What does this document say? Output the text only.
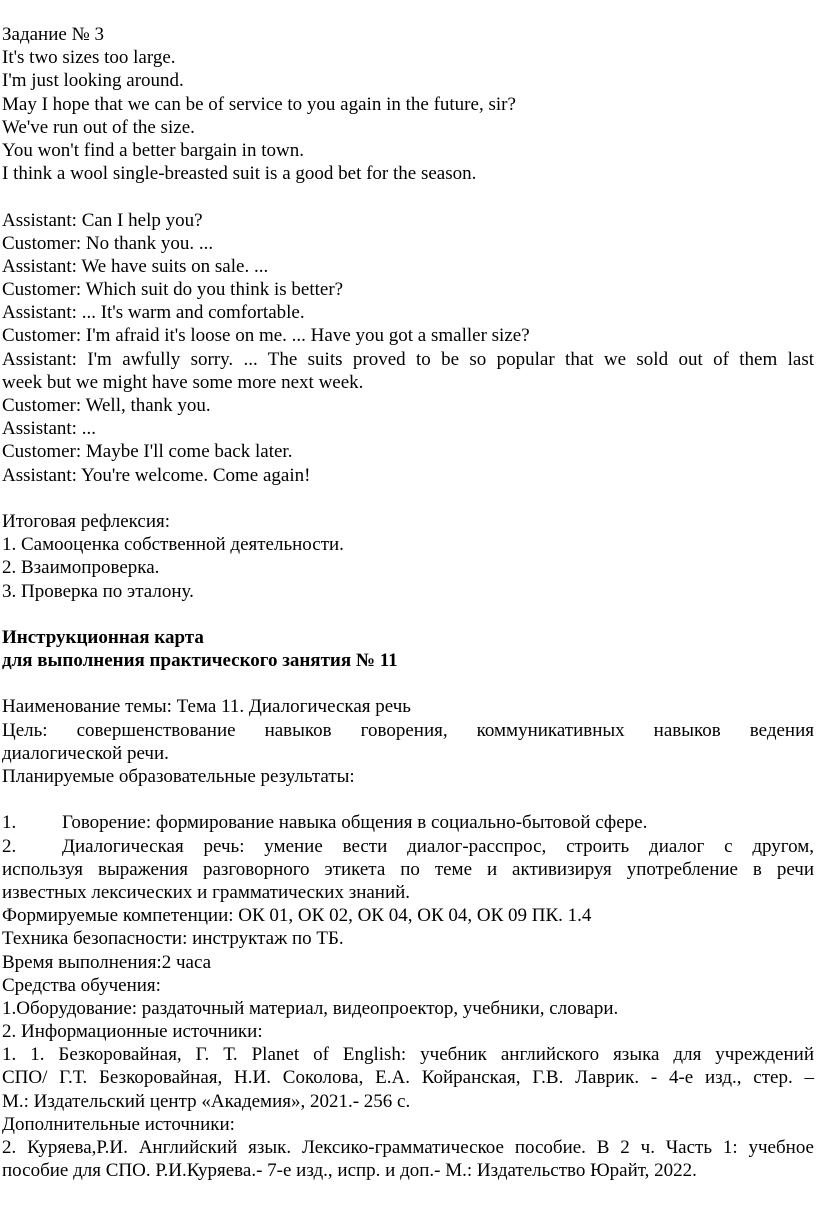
Задание № 3
It's two sizes too large.
I'm just looking around.
May I hope that we can be of service to you again in the future, sir?
We've run out of the size.
You won't find a better bargain in town.
I think a wool single-breasted suit is a good bet for the season.
Assistant: Can I help you?
Customer: No thank you. ...
Assistant: We have suits on sale. ...
Customer: Which suit do you think is better?
Assistant: ... It's warm and comfortable.
Customer: I'm afraid it's loose on me. ... Have you got a smaller size?
Assistant: I'm awfully sorry. ... The suits proved to be so popular that we sold out of them last
week but we might have some more next week.
Customer: Well, thank you.
Assistant: ...
Customer: Maybe I'll come back later.
Assistant: You're welcome. Come again!
Итоговая рефлексия:
1. Самооценка собственной деятельности.
2. Взаимопроверка.
3. Проверка по эталону.
Инструкционная карта
для выполнения практического занятия № 11
Наименование темы: Тема 11. Диалогическая речь
Цель: совершенствование навыков говорения, коммуникативных навыков ведения
диалогической речи.
Планируемые образовательные результаты:
1. Говорение: формирование навыка общения в социально-бытовой сфере.
2. Диалогическая речь: умение вести диалог-расспрос, строить диалог с другом,
используя выражения разговорного этикета по теме и активизируя употребление в речи
известных лексических и грамматических знаний.
Формируемые компетенции: ОК 01, ОК 02, ОК 04, ОК 04, ОК 09 ПК. 1.4
Техника безопасности: инструктаж по ТБ.
Время выполнения:2 часа
Средства обучения:
1.Оборудование: раздаточный материал, видеопроектор, учебники, словари.
2. Информационные источники:
1. 1. Безкоровайная, Г. Т. Planet of English: учебник английского языка для учреждений
СПО/ Г.Т. Безкоровайная, Н.И. Соколова, Е.А. Койранская, Г.В. Лаврик. - 4-е изд., стер. –
М.: Издательский центр «Академия», 2021.- 256 с.
Дополнительные источники:
2. Куряева,Р.И. Английский язык. Лексико-грамматическое пособие. В 2 ч. Часть 1: учебное
пособие для СПО. Р.И.Куряева.- 7-е изд., испр. и доп.- М.: Издательство Юрайт, 2022.
